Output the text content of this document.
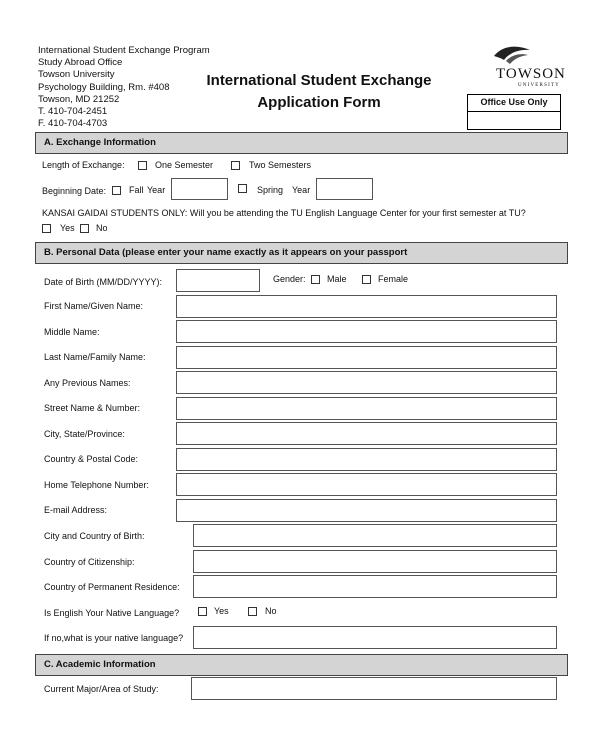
International Student Exchange Program
Study Abroad Office
Towson University
Psychology Building, Rm. #408
Towson, MD 21252
T. 410-704-2451
F. 410-704-4703
International Student Exchange
Application Form
TOWSON
UNIVERSITY
Office Use Only
A. Exchange Information
Length of Exchange:	One Semester	Two Semesters
Beginning Date:	Fall Year	Spring Year
KANSAI GAIDAI STUDENTS ONLY: Will you be attending the TU English Language Center for your first semester at TU?
Yes No
B. Personal Data (please enter your name exactly as it appears on your passport
Date of Birth (MM/DD/YYYY):	Gender: Male	Female
First Name/Given Name:
Middle Name:
Last Name/Family Name:
Any Previous Names:
Street Name & Number:
City, State/Province:
Country & Postal Code:
Home Telephone Number:
E-mail Address:
City and Country of Birth:
Country of Citizenship:
Country of Permanent Residence:
Is English Your Native Language?	Yes	No
If no,what is your native language?
C. Academic Information
Current Major/Area of Study:
